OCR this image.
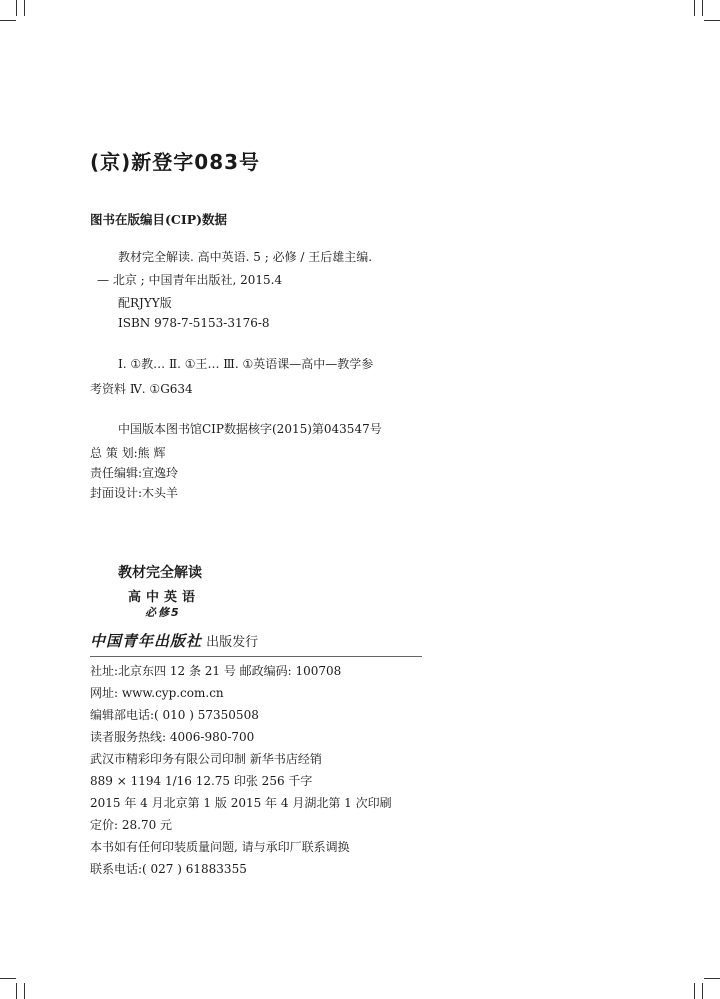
(京)新登字083号
图书在版编目(CIP)数据
教材完全解读. 高中英语. 5 ; 必修 / 王后雄主编.
— 北京 ; 中国青年出版社, 2015.4
配RJYY版
ISBN 978-7-5153-3176-8
Ⅰ. ①教… Ⅱ. ①王… Ⅲ. ①英语课—高中—教学参
考资料 Ⅳ. ①G634
中国版本图书馆CIP数据核字(2015)第043547号
总 策 划:熊 辉
责任编辑:宣逸玲
封面设计:木头羊
教材完全解读
高中英语
必修5
中国青年出版社 出版发行
社址:北京东四 12 条 21 号 邮政编码: 100708
网址: www.cyp.com.cn
编辑部电话:( 010 ) 57350508
读者服务热线: 4006-980-700
武汉市精彩印务有限公司印制 新华书店经销
889 × 1194 1/16 12.75 印张 256 千字
2015 年 4 月北京第 1 版 2015 年 4 月湖北第 1 次印刷
定价: 28.70 元
本书如有任何印装质量问题, 请与承印厂联系调换
联系电话:( 027 ) 61883355
